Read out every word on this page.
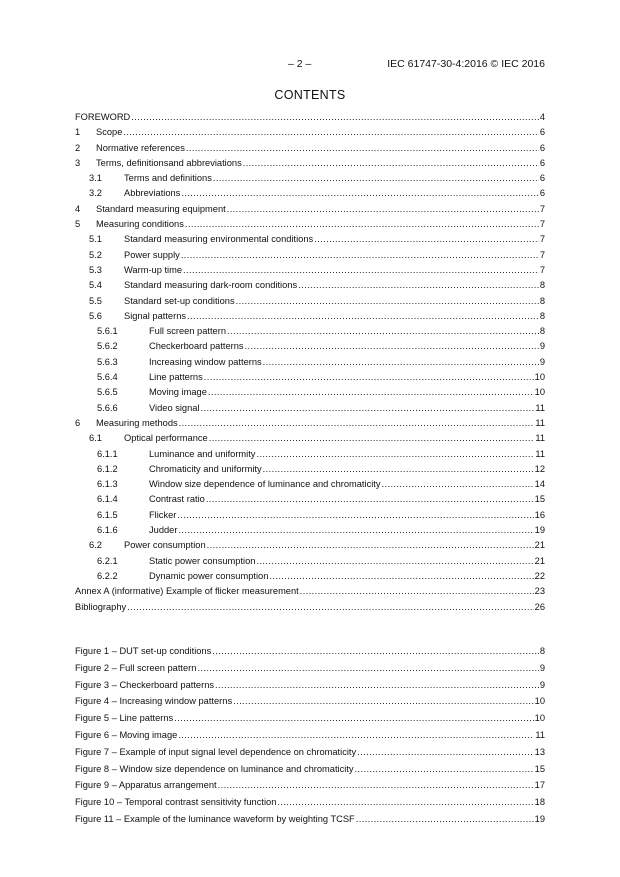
– 2 –	IEC 61747-30-4:2016 © IEC 2016
CONTENTS
FOREWORD .....	4
1	Scope .....	6
2	Normative references .....	6
3	Terms, definitionsand abbreviations .....	6
3.1	Terms and definitions .....	6
3.2	Abbreviations .....	6
4	Standard measuring equipment .....	7
5	Measuring conditions .....	7
5.1	Standard measuring environmental conditions .....	7
5.2	Power supply .....	7
5.3	Warm-up time .....	7
5.4	Standard measuring dark-room conditions .....	8
5.5	Standard set-up conditions .....	8
5.6	Signal patterns .....	8
5.6.1	Full screen pattern .....	8
5.6.2	Checkerboard patterns .....	9
5.6.3	Increasing window patterns .....	9
5.6.4	Line patterns .....	10
5.6.5	Moving image .....	10
5.6.6	Video signal .....	11
6	Measuring methods .....	11
6.1	Optical performance .....	11
6.1.1	Luminance and uniformity .....	11
6.1.2	Chromaticity and uniformity .....	12
6.1.3	Window size dependence of luminance and chromaticity .....	14
6.1.4	Contrast ratio .....	15
6.1.5	Flicker .....	16
6.1.6	Judder .....	19
6.2	Power consumption .....	21
6.2.1	Static power consumption .....	21
6.2.2	Dynamic power consumption .....	22
Annex A (informative) Example of flicker measurement .....	23
Bibliography .....	26
Figure 1 – DUT set-up conditions .....	8
Figure 2 – Full screen pattern .....	9
Figure 3 – Checkerboard patterns .....	9
Figure 4 – Increasing window patterns .....	10
Figure 5 – Line patterns .....	10
Figure 6 – Moving image .....	11
Figure 7 – Example of input signal level dependence on chromaticity .....	13
Figure 8 – Window size dependence on luminance and chromaticity .....	15
Figure 9 – Apparatus arrangement .....	17
Figure 10 – Temporal contrast sensitivity function .....	18
Figure 11 – Example of the luminance waveform by weighting TCSF .....	19
